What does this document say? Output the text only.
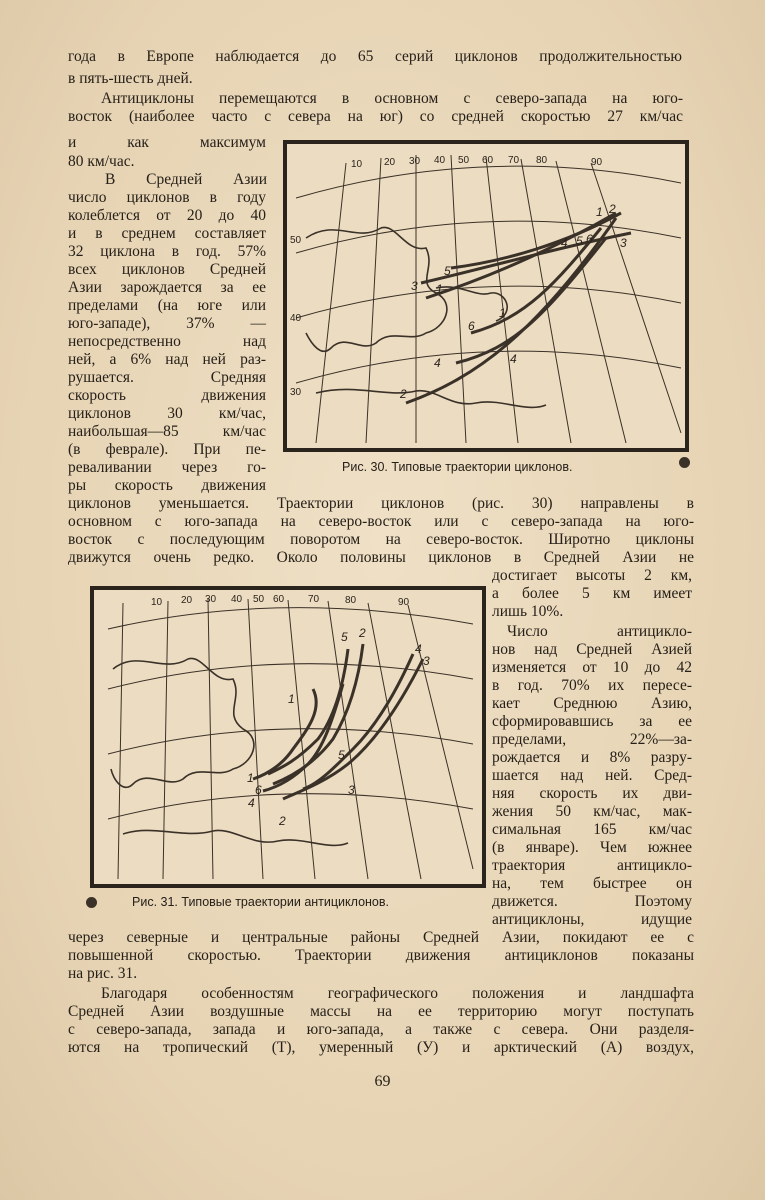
года в Европе наблюдается до 65 серий циклонов продолжительностью
в пять-шесть дней.
Антициклоны перемещаются в основном с северо-запада на юго-
восток (наиболее часто с севера на юг) со средней скоростью 27 км/час
и как максимум
80 км/час.
В Средней Азии
число циклонов в году
колеблется от 20 до 40
и в среднем составляет
32 циклона в год. 57%
всех циклонов Средней
Азии зарождается за ее
пределами (на юге или
юго-западе), 37% —
непосредственно над
ней, а 6% над ней раз-
рушается. Средняя
скорость движения
циклонов 30 км/час,
наибольшая—85 км/час
(в феврале). При пе-
реваливании через го-
ры скорость движения
циклонов уменьшается. Траектории циклонов (рис. 30) направлены в
основном с юго-запада на северо-восток или с северо-запада на юго-
восток с последующим поворотом на северо-восток. Широтно циклоны
движутся очень редко. Около половины циклонов в Средней Азии не
достигает высоты 2 км,
а более 5 км имеет
лишь 10%.
Число антицикло-
нов над Средней Азией
изменяется от 10 до 42
в год. 70% их пересе-
кает Среднюю Азию,
сформировавшись за ее
пределами, 22%—за-
рождается и 8% разру-
шается над ней. Сред-
няя скорость их дви-
жения 50 км/час, мак-
симальная 165 км/час
(в январе). Чем южнее
траектория антицикло-
на, тем быстрее он
движется. Поэтому
антициклоны, идущие
через северные и центральные районы Средней Азии, покидают ее с
повышенной скоростью. Траектории движения антициклонов показаны
на рис. 31.
Благодаря особенностям географического положения и ландшафта
Средней Азии воздушные массы на ее территорию могут поступать
с северо-запада, запада и юго-запада, а также с севера. Они разделя-
ются на тропический (Т), умеренный (У) и арктический (А) воздух,
10 20 30 40 50 60 70 80	90
50
40
30
1 2
3
4 5 6
1
2
3
4
5
6
1
4
Рис. 30. Типовые траектории циклонов.
10 20 30 40 50 60 70	80	90
5 2
4
3
1
1
6
5
4
3
2
Рис. 31. Типовые траектории антициклонов.
69
